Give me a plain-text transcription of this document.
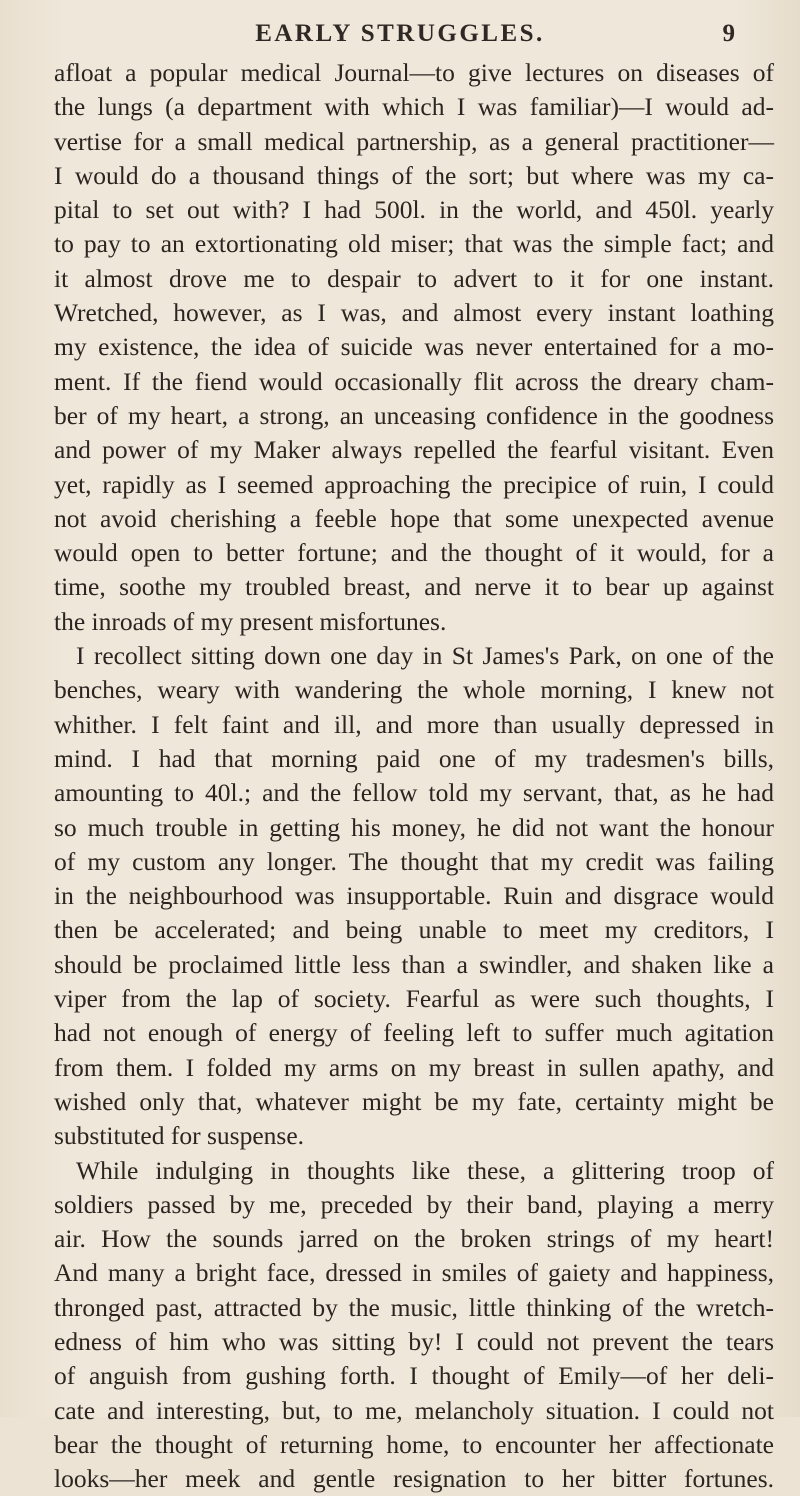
EARLY STRUGGLES.	9
afloat a popular medical Journal—to give lectures on diseases of
the lungs (a department with which I was familiar)—I would ad-
vertise for a small medical partnership, as a general practitioner—
I would do a thousand things of the sort; but where was my ca-
pital to set out with? I had 500l. in the world, and 450l. yearly
to pay to an extortionating old miser; that was the simple fact; and
it almost drove me to despair to advert to it for one instant.
Wretched, however, as I was, and almost every instant loathing
my existence, the idea of suicide was never entertained for a mo-
ment. If the fiend would occasionally flit across the dreary cham-
ber of my heart, a strong, an unceasing confidence in the goodness
and power of my Maker always repelled the fearful visitant. Even
yet, rapidly as I seemed approaching the precipice of ruin, I could
not avoid cherishing a feeble hope that some unexpected avenue
would open to better fortune; and the thought of it would, for a
time, soothe my troubled breast, and nerve it to bear up against
the inroads of my present misfortunes.
I recollect sitting down one day in St James's Park, on one of the
benches, weary with wandering the whole morning, I knew not
whither. I felt faint and ill, and more than usually depressed in
mind. I had that morning paid one of my tradesmen's bills,
amounting to 40l.; and the fellow told my servant, that, as he had
so much trouble in getting his money, he did not want the honour
of my custom any longer. The thought that my credit was failing
in the neighbourhood was insupportable. Ruin and disgrace would
then be accelerated; and being unable to meet my creditors, I
should be proclaimed little less than a swindler, and shaken like a
viper from the lap of society. Fearful as were such thoughts, I
had not enough of energy of feeling left to suffer much agitation
from them. I folded my arms on my breast in sullen apathy, and
wished only that, whatever might be my fate, certainty might be
substituted for suspense.
While indulging in thoughts like these, a glittering troop of
soldiers passed by me, preceded by their band, playing a merry
air. How the sounds jarred on the broken strings of my heart!
And many a bright face, dressed in smiles of gaiety and happiness,
thronged past, attracted by the music, little thinking of the wretch-
edness of him who was sitting by! I could not prevent the tears
of anguish from gushing forth. I thought of Emily—of her deli-
cate and interesting, but, to me, melancholy situation. I could not
bear the thought of returning home, to encounter her affectionate
looks—her meek and gentle resignation to her bitter fortunes.
